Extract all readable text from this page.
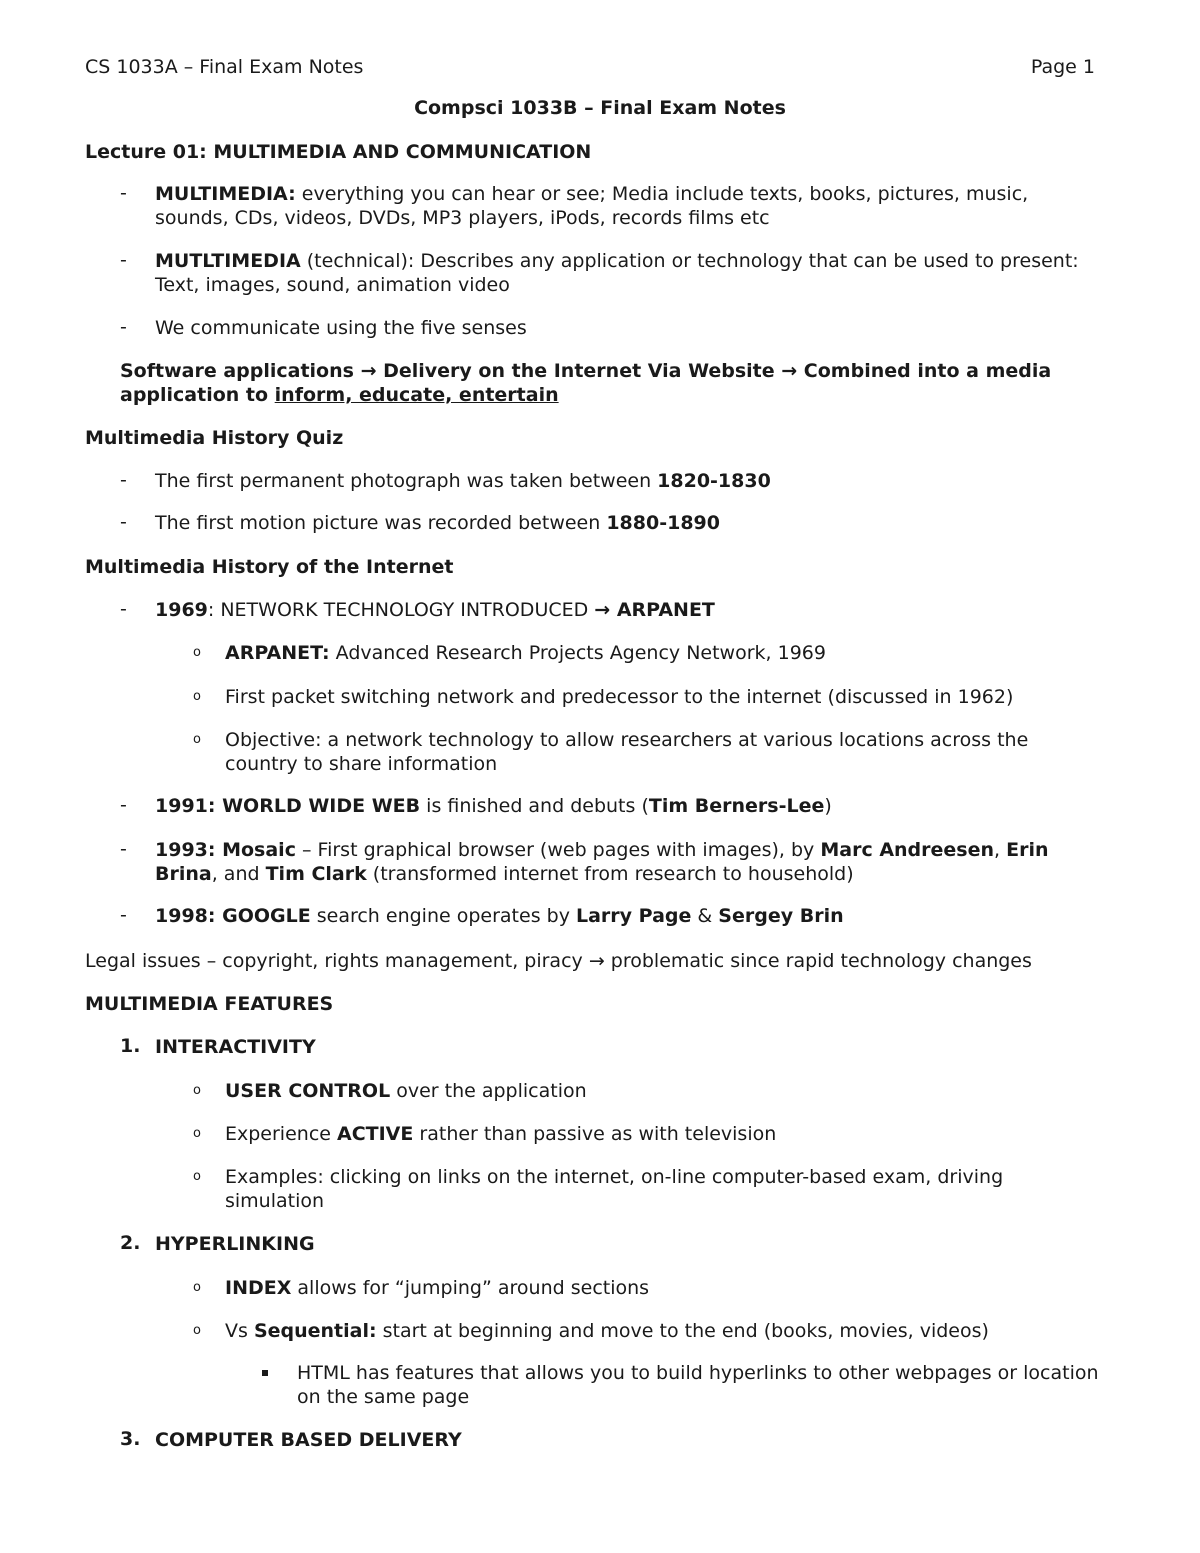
CS 1033A – Final Exam Notes	Page 1
Compsci 1033B – Final Exam Notes
Lecture 01: MULTIMEDIA AND COMMUNICATION
- MULTIMEDIA: everything you can hear or see; Media include texts, books, pictures, music, sounds, CDs, videos, DVDs, MP3 players, iPods, records films etc
- MUTLTIMEDIA (technical): Describes any application or technology that can be used to present: Text, images, sound, animation video
- We communicate using the five senses
Software applications → Delivery on the Internet Via Website → Combined into a media application to inform, educate, entertain
Multimedia History Quiz
- The first permanent photograph was taken between 1820-1830
- The first motion picture was recorded between 1880-1890
Multimedia History of the Internet
- 1969: NETWORK TECHNOLOGY INTRODUCED → ARPANET
o ARPANET: Advanced Research Projects Agency Network, 1969
o First packet switching network and predecessor to the internet (discussed in 1962)
o Objective: a network technology to allow researchers at various locations across the country to share information
- 1991: WORLD WIDE WEB is finished and debuts (Tim Berners-Lee)
- 1993: Mosaic – First graphical browser (web pages with images), by Marc Andreesen, Erin Brina, and Tim Clark (transformed internet from research to household)
- 1998: GOOGLE search engine operates by Larry Page & Sergey Brin
Legal issues – copyright, rights management, piracy → problematic since rapid technology changes
MULTIMEDIA FEATURES
1. INTERACTIVITY
o USER CONTROL over the application
o Experience ACTIVE rather than passive as with television
o Examples: clicking on links on the internet, on-line computer-based exam, driving simulation
2. HYPERLINKING
o INDEX allows for “jumping” around sections
o Vs Sequential: start at beginning and move to the end (books, movies, videos)
HTML has features that allows you to build hyperlinks to other webpages or location on the same page
3. COMPUTER BASED DELIVERY
